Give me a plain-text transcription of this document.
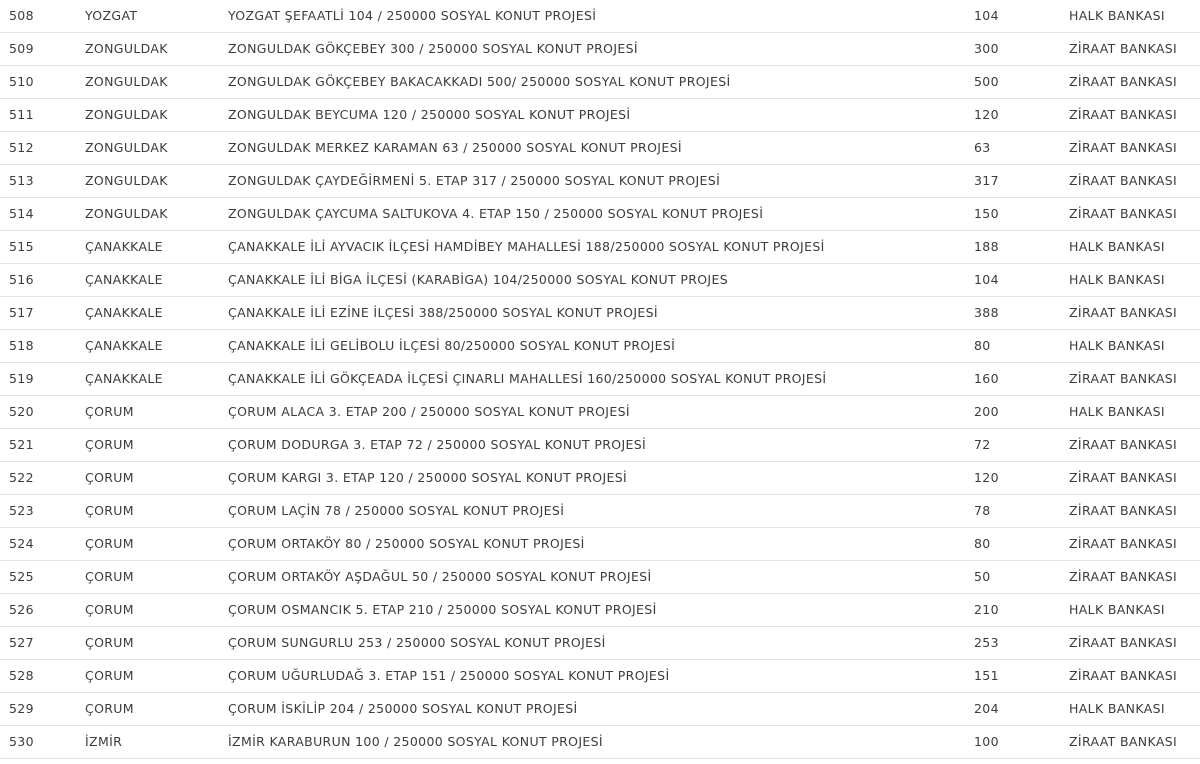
508	YOZGAT	YOZGAT ŞEFAATLİ 104 / 250000 SOSYAL KONUT PROJESİ	104	HALK BANKASI
509	ZONGULDAK	ZONGULDAK GÖKÇEBEY 300 / 250000 SOSYAL KONUT PROJESİ	300	ZİRAAT BANKASI
510	ZONGULDAK	ZONGULDAK GÖKÇEBEY BAKACAKKADI 500/ 250000 SOSYAL KONUT PROJESİ	500	ZİRAAT BANKASI
511	ZONGULDAK	ZONGULDAK BEYCUMA 120 / 250000 SOSYAL KONUT PROJESİ	120	ZİRAAT BANKASI
512	ZONGULDAK	ZONGULDAK MERKEZ KARAMAN 63 / 250000 SOSYAL KONUT PROJESİ	63	ZİRAAT BANKASI
513	ZONGULDAK	ZONGULDAK ÇAYDEĞİRMENİ 5. ETAP 317 / 250000 SOSYAL KONUT PROJESİ	317	ZİRAAT BANKASI
514	ZONGULDAK	ZONGULDAK ÇAYCUMA SALTUKOVA 4. ETAP 150 / 250000 SOSYAL KONUT PROJESİ	150	ZİRAAT BANKASI
515	ÇANAKKALE	ÇANAKKALE İLİ AYVACIK İLÇESİ HAMDİBEY MAHALLESİ 188/250000 SOSYAL KONUT PROJESİ	188	HALK BANKASI
516	ÇANAKKALE	ÇANAKKALE İLİ BİGA İLÇESİ (KARABİGA) 104/250000 SOSYAL KONUT PROJES	104	HALK BANKASI
517	ÇANAKKALE	ÇANAKKALE İLİ EZİNE İLÇESİ 388/250000 SOSYAL KONUT PROJESİ	388	ZİRAAT BANKASI
518	ÇANAKKALE	ÇANAKKALE İLİ GELİBOLU İLÇESİ 80/250000 SOSYAL KONUT PROJESİ	80	HALK BANKASI
519	ÇANAKKALE	ÇANAKKALE İLİ GÖKÇEADA İLÇESİ ÇINARLI MAHALLESİ 160/250000 SOSYAL KONUT PROJESİ	160	ZİRAAT BANKASI
520	ÇORUM	ÇORUM ALACA 3. ETAP 200 / 250000 SOSYAL KONUT PROJESİ	200	HALK BANKASI
521	ÇORUM	ÇORUM DODURGA 3. ETAP 72 / 250000 SOSYAL KONUT PROJESİ	72	ZİRAAT BANKASI
522	ÇORUM	ÇORUM KARGI 3. ETAP 120 / 250000 SOSYAL KONUT PROJESİ	120	ZİRAAT BANKASI
523	ÇORUM	ÇORUM LAÇİN 78 / 250000 SOSYAL KONUT PROJESİ	78	ZİRAAT BANKASI
524	ÇORUM	ÇORUM ORTAKÖY 80 / 250000 SOSYAL KONUT PROJESİ	80	ZİRAAT BANKASI
525	ÇORUM	ÇORUM ORTAKÖY AŞDAĞUL 50 / 250000 SOSYAL KONUT PROJESİ	50	ZİRAAT BANKASI
526	ÇORUM	ÇORUM OSMANCIK 5. ETAP 210 / 250000 SOSYAL KONUT PROJESİ	210	HALK BANKASI
527	ÇORUM	ÇORUM SUNGURLU 253 / 250000 SOSYAL KONUT PROJESİ	253	ZİRAAT BANKASI
528	ÇORUM	ÇORUM UĞURLUDAĞ 3. ETAP 151 / 250000 SOSYAL KONUT PROJESİ	151	ZİRAAT BANKASI
529	ÇORUM	ÇORUM İSKİLİP 204 / 250000 SOSYAL KONUT PROJESİ	204	HALK BANKASI
530	İZMİR	İZMİR KARABURUN 100 / 250000 SOSYAL KONUT PROJESİ	100	ZİRAAT BANKASI
